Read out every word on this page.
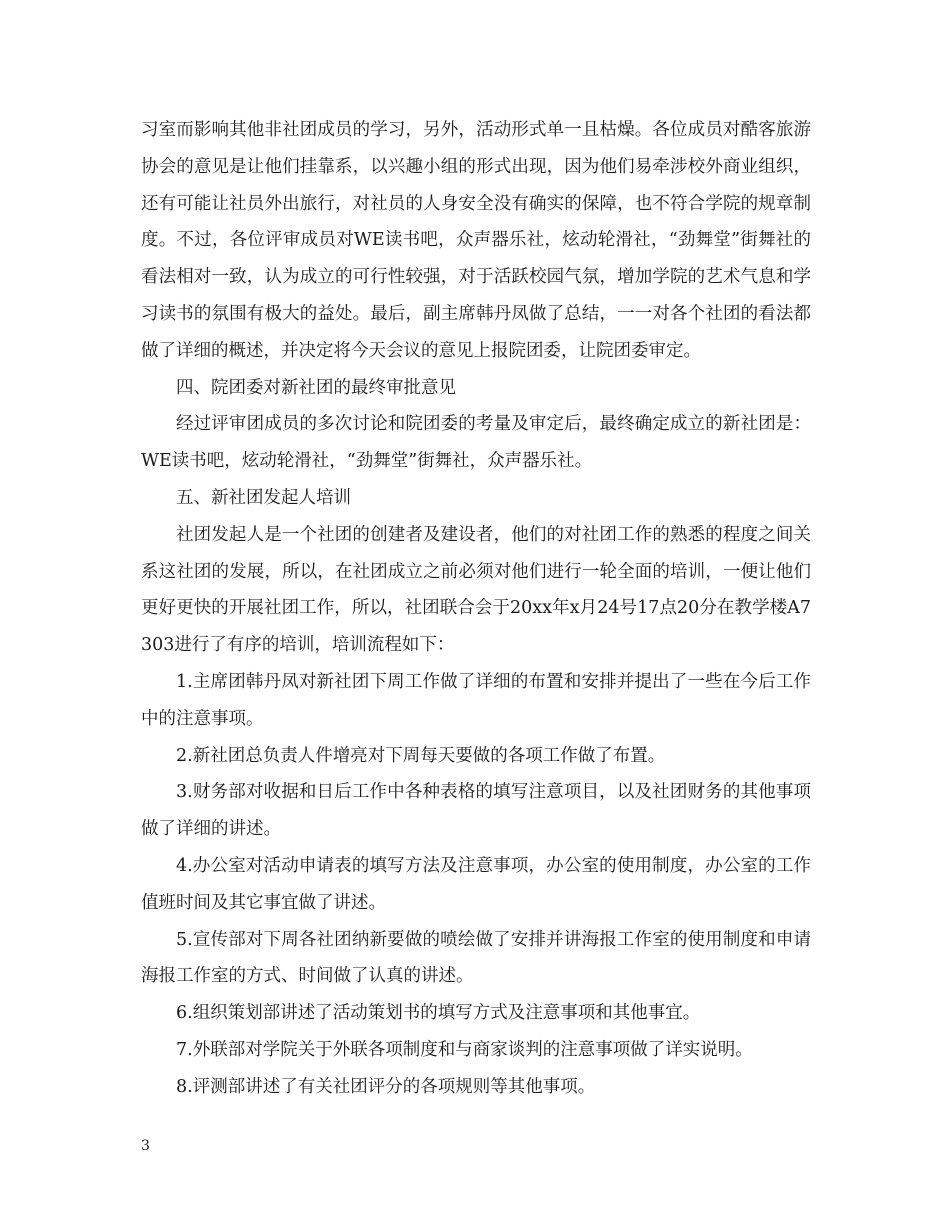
习室而影响其他非社团成员的学习，另外，活动形式单一且枯燥。各位成员对酷客旅游协会的意见是让他们挂靠系，以兴趣小组的形式出现，因为他们易牵涉校外商业组织，还有可能让社员外出旅行，对社员的人身安全没有确实的保障，也不符合学院的规章制度。不过，各位评审成员对WE读书吧，众声器乐社，炫动轮滑社，“劲舞堂”街舞社的看法相对一致，认为成立的可行性较强，对于活跃校园气氛，增加学院的艺术气息和学习读书的氛围有极大的益处。最后，副主席韩丹凤做了总结，一一对各个社团的看法都做了详细的概述，并决定将今天会议的意见上报院团委，让院团委审定。

四、院团委对新社团的最终审批意见

经过评审团成员的多次讨论和院团委的考量及审定后，最终确定成立的新社团是：WE读书吧，炫动轮滑社，“劲舞堂”街舞社，众声器乐社。

五、新社团发起人培训

社团发起人是一个社团的创建者及建设者，他们的对社团工作的熟悉的程度之间关系这社团的发展，所以，在社团成立之前必须对他们进行一轮全面的培训，一便让他们更好更快的开展社团工作，所以，社团联合会于20xx年x月24号17点20分在教学楼A7303进行了有序的培训，培训流程如下：

1.主席团韩丹凤对新社团下周工作做了详细的布置和安排并提出了一些在今后工作中的注意事项。

2.新社团总负责人件增亮对下周每天要做的各项工作做了布置。

3.财务部对收据和日后工作中各种表格的填写注意项目，以及社团财务的其他事项做了详细的讲述。

4.办公室对活动申请表的填写方法及注意事项，办公室的使用制度，办公室的工作值班时间及其它事宜做了讲述。

5.宣传部对下周各社团纳新要做的喷绘做了安排并讲海报工作室的使用制度和申请海报工作室的方式、时间做了认真的讲述。

6.组织策划部讲述了活动策划书的填写方式及注意事项和其他事宜。

7.外联部对学院关于外联各项制度和与商家谈判的注意事项做了详实说明。

8.评测部讲述了有关社团评分的各项规则等其他事项。

3
